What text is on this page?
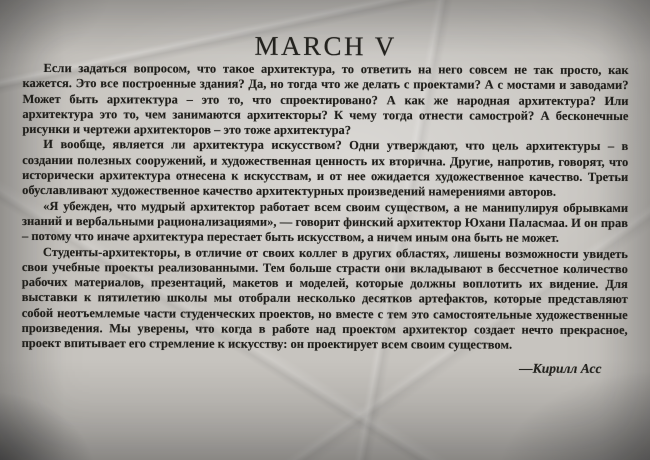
MARCH V

Если задаться вопросом, что такое архитектура, то ответить на него совсем не так просто, как кажется. Это все построенные здания? Да, но тогда что же делать с проектами? А с мостами и заводами? Может быть архитектура – это то, что спроектировано? А как же народная архитектура? Или архитектура это то, чем занимаются архитекторы? К чему тогда отнести самострой? А бесконечные рисунки и чертежи архитекторов – это тоже архитектура?

И вообще, является ли архитектура искусством? Одни утверждают, что цель архитектуры – в создании полезных сооружений, и художественная ценность их вторична. Другие, напротив, говорят, что исторически архитектура отнесена к искусствам, и от нее ожидается художественное качество. Третьи обуславливают художественное качество архитектурных произведений намерениями авторов.

«Я убежден, что мудрый архитектор работает всем своим существом, а не манипулируя обрывками знаний и вербальными рационализациями», — говорит финский архитектор Юхани Паласмаа. И он прав – потому что иначе архитектура перестает быть искусством, а ничем иным она быть не может.

Студенты-архитекторы, в отличие от своих коллег в других областях, лишены возможности увидеть свои учебные проекты реализованными. Тем больше страсти они вкладывают в бессчетное количество рабочих материалов, презентаций, макетов и моделей, которые должны воплотить их видение. Для выставки к пятилетию школы мы отобрали несколько десятков артефактов, которые представляют собой неотъемлемые части студенческих проектов, но вместе с тем это самостоятельные художественные произведения. Мы уверены, что когда в работе над проектом архитектор создает нечто прекрасное, проект впитывает его стремление к искусству: он проектирует всем своим существом.

—Кирилл Асс
